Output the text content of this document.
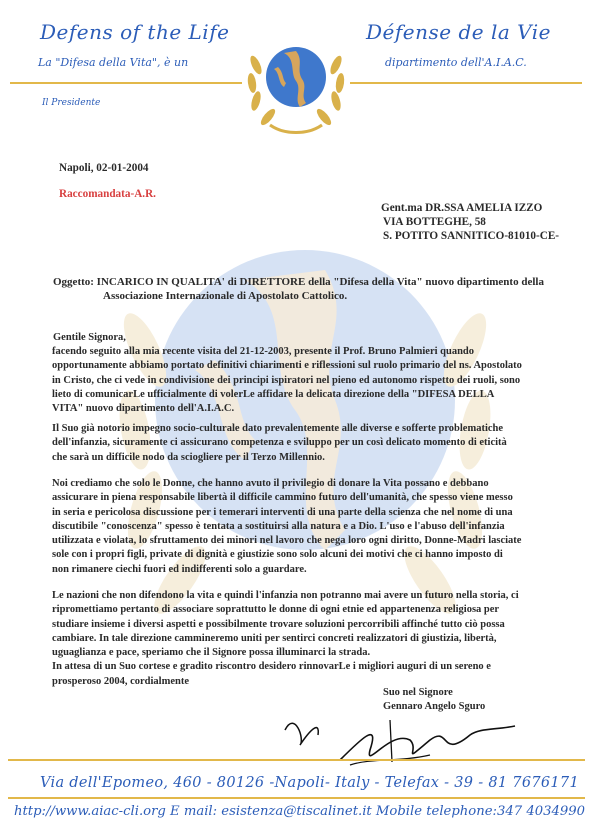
Defens of the Life
La "Difesa della Vita", è un
Défense de la Vie
dipartimento dell'A.I.A.C.
Il Presidente
Napoli, 02-01-2004
Raccomandata-A.R.
Gent.ma DR.SSA AMELIA IZZO
VIA BOTTEGHE, 58
S. POTITO SANNITICO-81010-CE-
Oggetto: INCARICO IN QUALITA' di DIRETTORE della "Difesa della Vita" nuovo dipartimento della
Associazione Internazionale di Apostolato Cattolico.
Gentile Signora,
facendo seguito alla mia recente visita del 21-12-2003, presente il Prof. Bruno Palmieri quando
opportunamente abbiamo portato definitivi chiarimenti e riflessioni sul ruolo primario del ns. Apostolato
in Cristo, che ci vede in condivisione dei principi ispiratori nel pieno ed autonomo rispetto dei ruoli, sono
lieto di comunicarLe ufficialmente di volerLe affidare la delicata direzione della "DIFESA DELLA
VITA" nuovo dipartimento dell'A.I.A.C.
Il Suo già notorio impegno socio-culturale dato prevalentemente alle diverse e sofferte problematiche
dell'infanzia, sicuramente ci assicurano competenza e sviluppo per un così delicato momento di eticità
che sarà un difficile nodo da sciogliere per il Terzo Millennio.
Noi crediamo che solo le Donne, che hanno avuto il privilegio di donare la Vita possano e debbano
assicurare in piena responsabile libertà il difficile cammino futuro dell'umanità, che spesso viene messo
in seria e pericolosa discussione per i temerari interventi di una parte della scienza che nel nome di una
discutibile "conoscenza" spesso è tentata a sostituirsi alla natura e a Dio. L'uso e l'abuso dell'infanzia
utilizzata e violata, lo sfruttamento dei minori nel lavoro che nega loro ogni diritto, Donne-Madri lasciate
sole con i propri figli, private di dignità e giustizie sono solo alcuni dei motivi che ci hanno imposto di
non rimanere ciechi fuori ed indifferenti solo a guardare.
Le nazioni che non difendono la vita e quindi l'infanzia non potranno mai avere un futuro nella storia, ci
ripromettiamo pertanto di associare soprattutto le donne di ogni etnie ed appartenenza religiosa per
studiare insieme i diversi aspetti e possibilmente trovare soluzioni percorribili affinché tutto ciò possa
cambiare. In tale direzione cammineremo uniti per sentirci concreti realizzatori di giustizia, libertà,
uguaglianza e pace, speriamo che il Signore possa illuminarci la strada.
In attesa di un Suo cortese e gradito riscontro desidero rinnovarLe i migliori auguri di un sereno e
prosperoso 2004, cordialmente
Suo nel Signore
Gennaro Angelo Sguro
Via dell'Epomeo, 460 - 80126 -Napoli- Italy - Telefax - 39 - 81 7676171
http://www.aiac-cli.org E mail: esistenza@tiscalinet.it Mobile telephone:347 4034990
